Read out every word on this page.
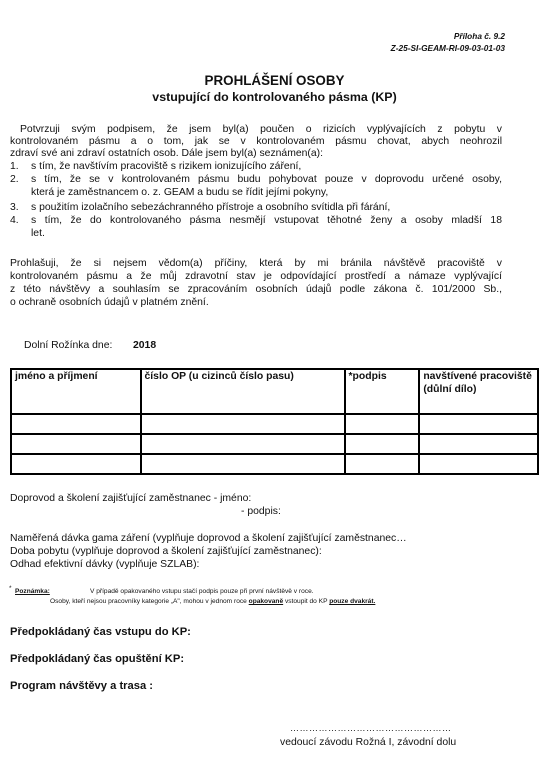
Příloha č. 9.2
Z-25-SI-GEAM-RI-09-03-01-03
PROHLÁŠENÍ OSOBY
vstupující do kontrolovaného pásma (KP)
Potvrzuji svým podpisem, že jsem byl(a) poučen o rizicích vyplývajících z pobytu v
kontrolovaném pásmu a o tom, jak se v kontrolovaném pásmu chovat, abych neohrozil
zdraví své ani zdraví ostatních osob. Dále jsem byl(a) seznámen(a):
1. s tím, že navštívím pracoviště s rizikem ionizujícího záření,
2. s tím, že se v kontrolovaném pásmu budu pohybovat pouze v doprovodu určené osoby,
která je zaměstnancem o. z. GEAM a budu se řídit jejími pokyny,
3. s použitím izolačního sebezáchranného přístroje a osobního svítidla při fárání,
4. s tím, že do kontrolovaného pásma nesmějí vstupovat těhotné ženy a osoby mladší 18
let.
Prohlašuji, že si nejsem vědom(a) příčiny, která by mi bránila návštěvě pracoviště v
kontrolovaném pásmu a že můj zdravotní stav je odpovídající prostředí a námaze vyplývající
z této návštěvy a souhlasím se zpracováním osobních údajů podle zákona č. 101/2000 Sb.,
o ochraně osobních údajů v platném znění.
Dolní Rožínka dne: 2018
jméno a příjmení	číslo OP (u cizinců číslo pasu)	*podpis	navštívené pracoviště (důlní dílo)

Doprovod a školení zajišťující zaměstnanec - jméno:
- podpis:
Naměřená dávka gama záření (vyplňuje doprovod a školení zajišťující zaměstnanec…
Doba pobytu (vyplňuje doprovod a školení zajišťující zaměstnanec):
Odhad efektivní dávky (vyplňuje SZLAB):
* Poznámka:	V případě opakovaného vstupu stačí podpis pouze při první návštěvě v roce.
Osoby, kteří nejsou pracovníky kategorie „A", mohou v jednom roce opakovaně vstoupit do KP pouze dvakrát.
Předpokládaný čas vstupu do KP:
Předpokládaný čas opuštění KP:
Program návštěvy a trasa :
……………………………………………
vedoucí závodu Rožná I, závodní dolu
